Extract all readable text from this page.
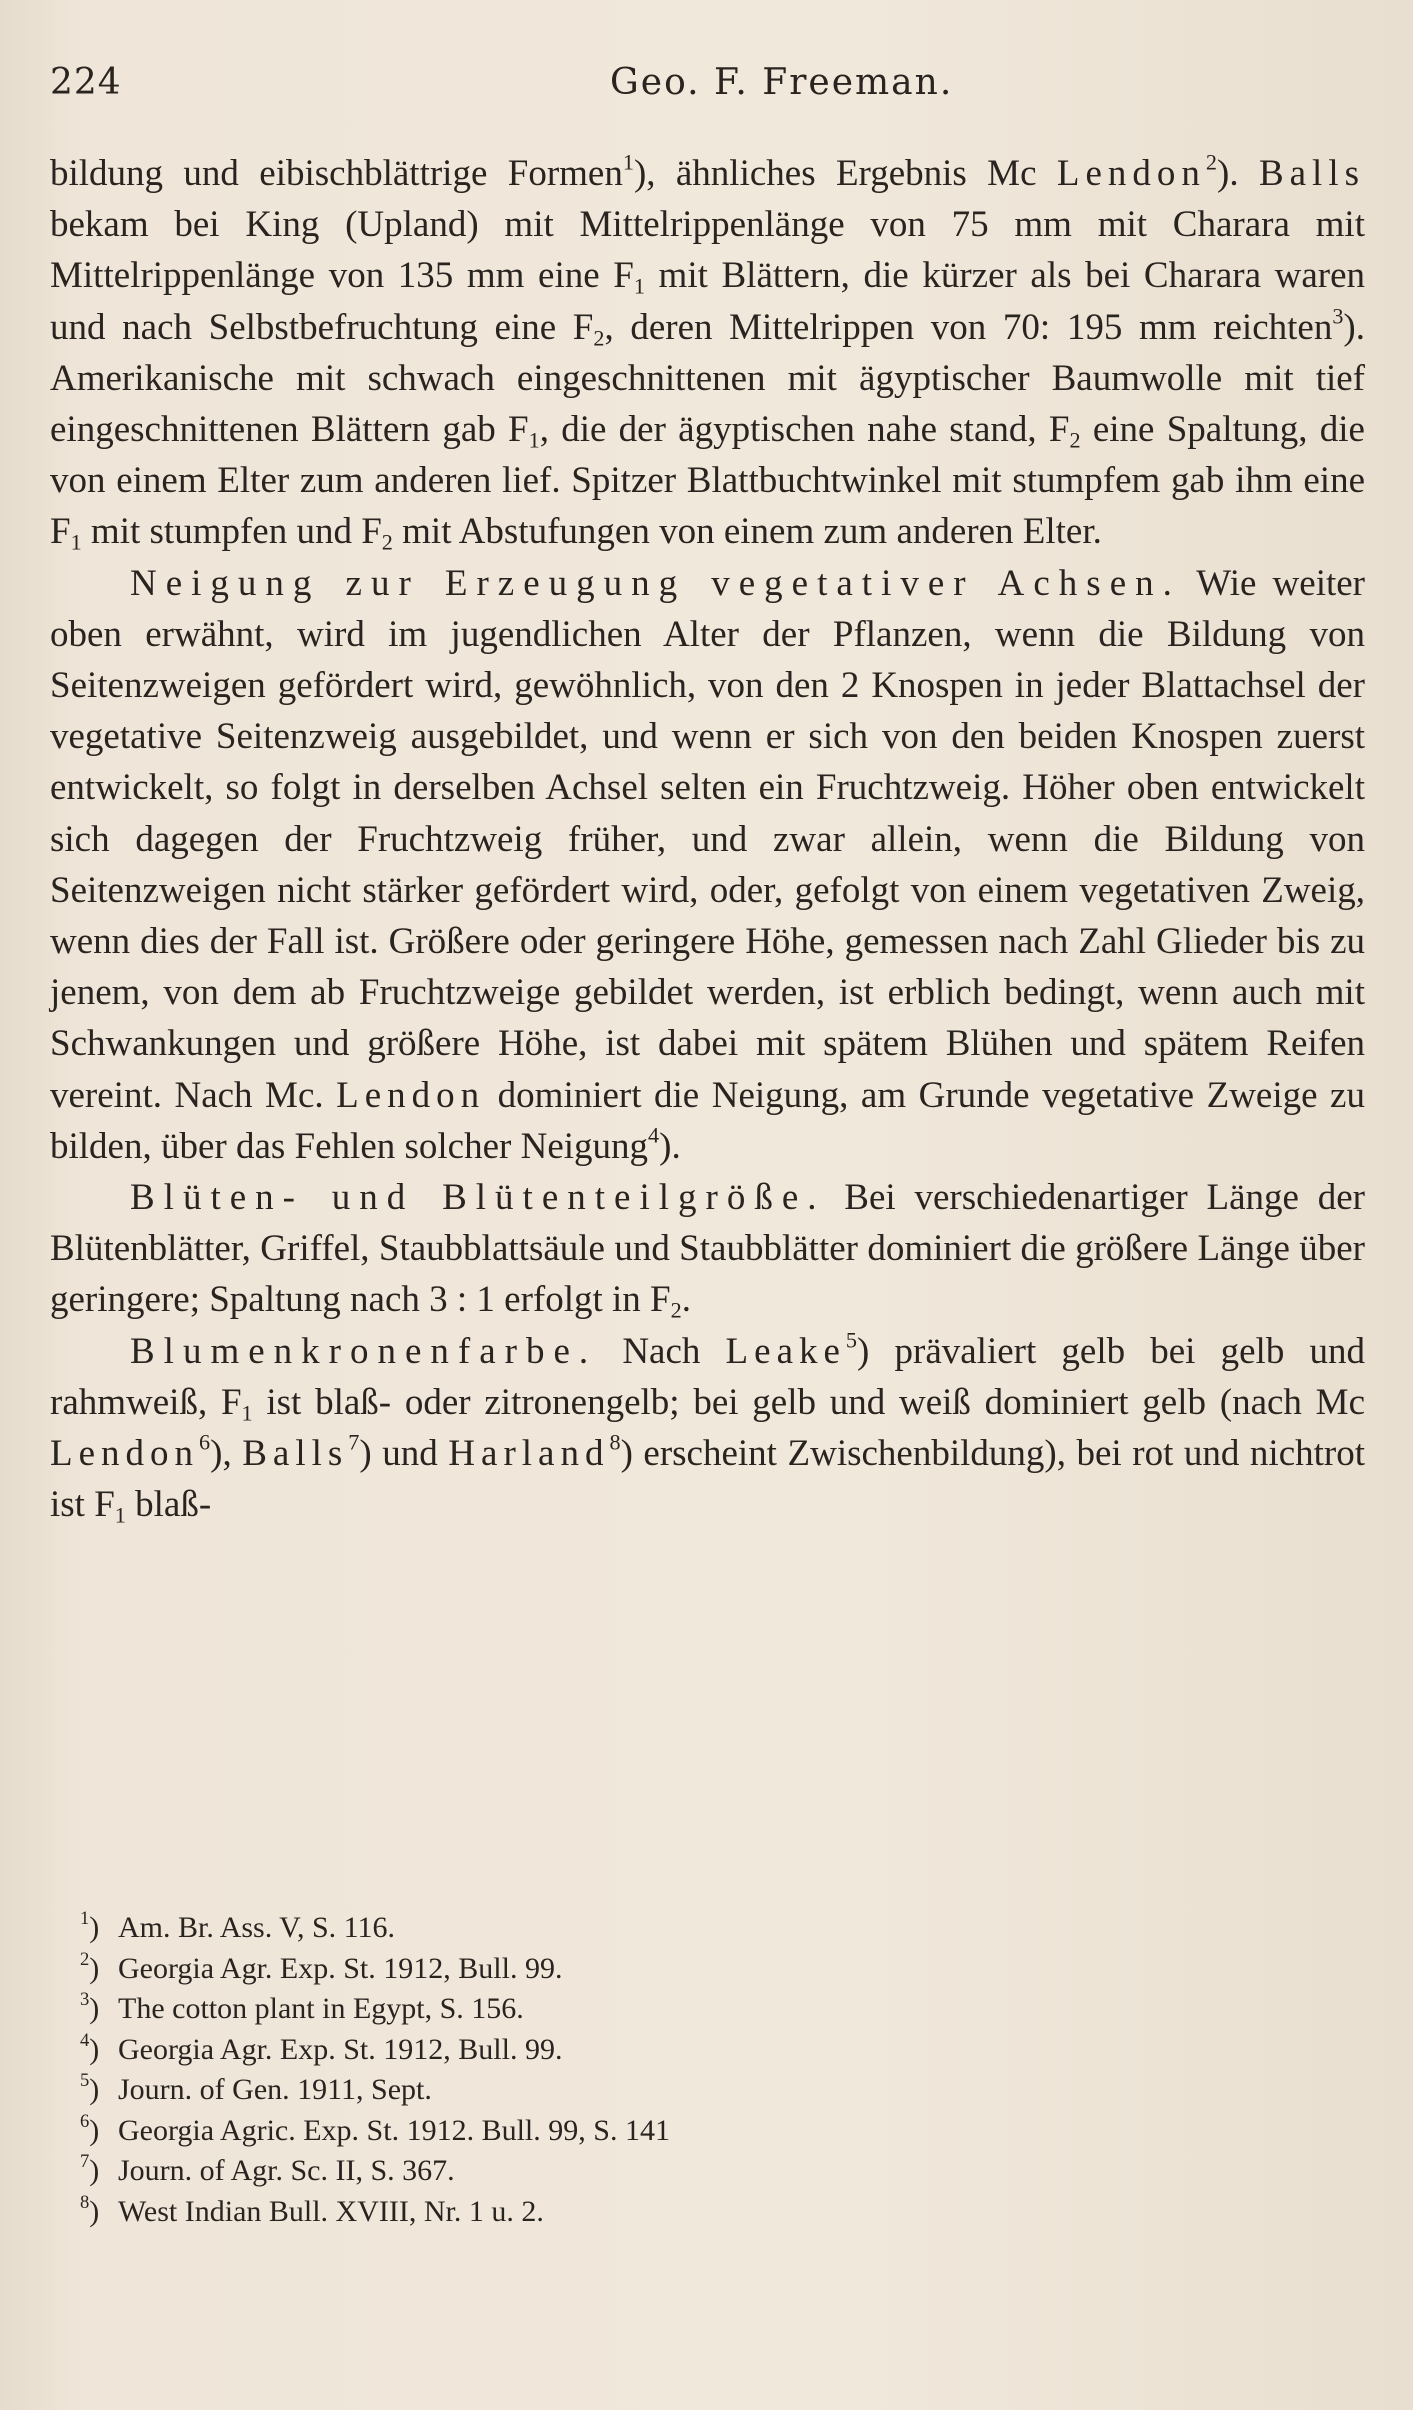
224	Geo. F. Freeman.

bildung und eibischblättrige Formen$^1$), ähnliches Ergebnis Mc Lendon$^2$). Balls bekam bei King (Upland) mit Mittelrippenlänge von 75 mm mit Charara mit Mittelrippenlänge von 135 mm eine $F_1$ mit Blättern, die kürzer als bei Charara waren und nach Selbstbefruchtung eine $F_2$, deren Mittelrippen von 70: 195 mm reichten$^3$). Amerikanische mit schwach eingeschnittenen mit ägyptischer Baumwolle mit tief eingeschnittenen Blättern gab $F_1$, die der ägyptischen nahe stand, $F_2$ eine Spaltung, die von einem Elter zum anderen lief. Spitzer Blattbuchtwinkel mit stumpfem gab ihm eine $F_1$ mit stumpfen und $F_2$ mit Abstufungen von einem zum anderen Elter.

Neigung zur Erzeugung vegetativer Achsen. Wie weiter oben erwähnt, wird im jugendlichen Alter der Pflanzen, wenn die Bildung von Seitenzweigen gefördert wird, gewöhnlich, von den 2 Knospen in jeder Blattachsel der vegetative Seitenzweig ausgebildet, und wenn er sich von den beiden Knospen zuerst entwickelt, so folgt in derselben Achsel selten ein Fruchtzweig. Höher oben entwickelt sich dagegen der Fruchtzweig früher, und zwar allein, wenn die Bildung von Seitenzweigen nicht stärker gefördert wird, oder, gefolgt von einem vegetativen Zweig, wenn dies der Fall ist. Größere oder geringere Höhe, gemessen nach Zahl Glieder bis zu jenem, von dem ab Fruchtzweige gebildet werden, ist erblich bedingt, wenn auch mit Schwankungen und größere Höhe, ist dabei mit spätem Blühen und spätem Reifen vereint. Nach Mc. Lendon dominiert die Neigung, am Grunde vegetative Zweige zu bilden, über das Fehlen solcher Neigung$^4$).

Blüten- und Blütenteilgröße. Bei verschiedenartiger Länge der Blütenblätter, Griffel, Staubblattsäule und Staubblätter dominiert die größere Länge über geringere; Spaltung nach 3 : 1 erfolgt in $F_2$.

Blumenkronenfarbe. Nach Leake$^5$) prävaliert gelb bei gelb und rahmweiß, $F_1$ ist blaß- oder zitronengelb; bei gelb und weiß dominiert gelb (nach Mc Lendon$^6$), Balls$^7$) und Harland$^8$) erscheint Zwischenbildung), bei rot und nichtrot ist $F_1$ blaß-

$^1$) Am. Br. Ass. V, S. 116.
$^2$) Georgia Agr. Exp. St. 1912, Bull. 99.
$^3$) The cotton plant in Egypt, S. 156.
$^4$) Georgia Agr. Exp. St. 1912, Bull. 99.
$^5$) Journ. of Gen. 1911, Sept.
$^6$) Georgia Agric. Exp. St. 1912. Bull. 99, S. 141
$^7$) Journ. of Agr. Sc. II, S. 367.
$^8$) West Indian Bull. XVIII, Nr. 1 u. 2.
